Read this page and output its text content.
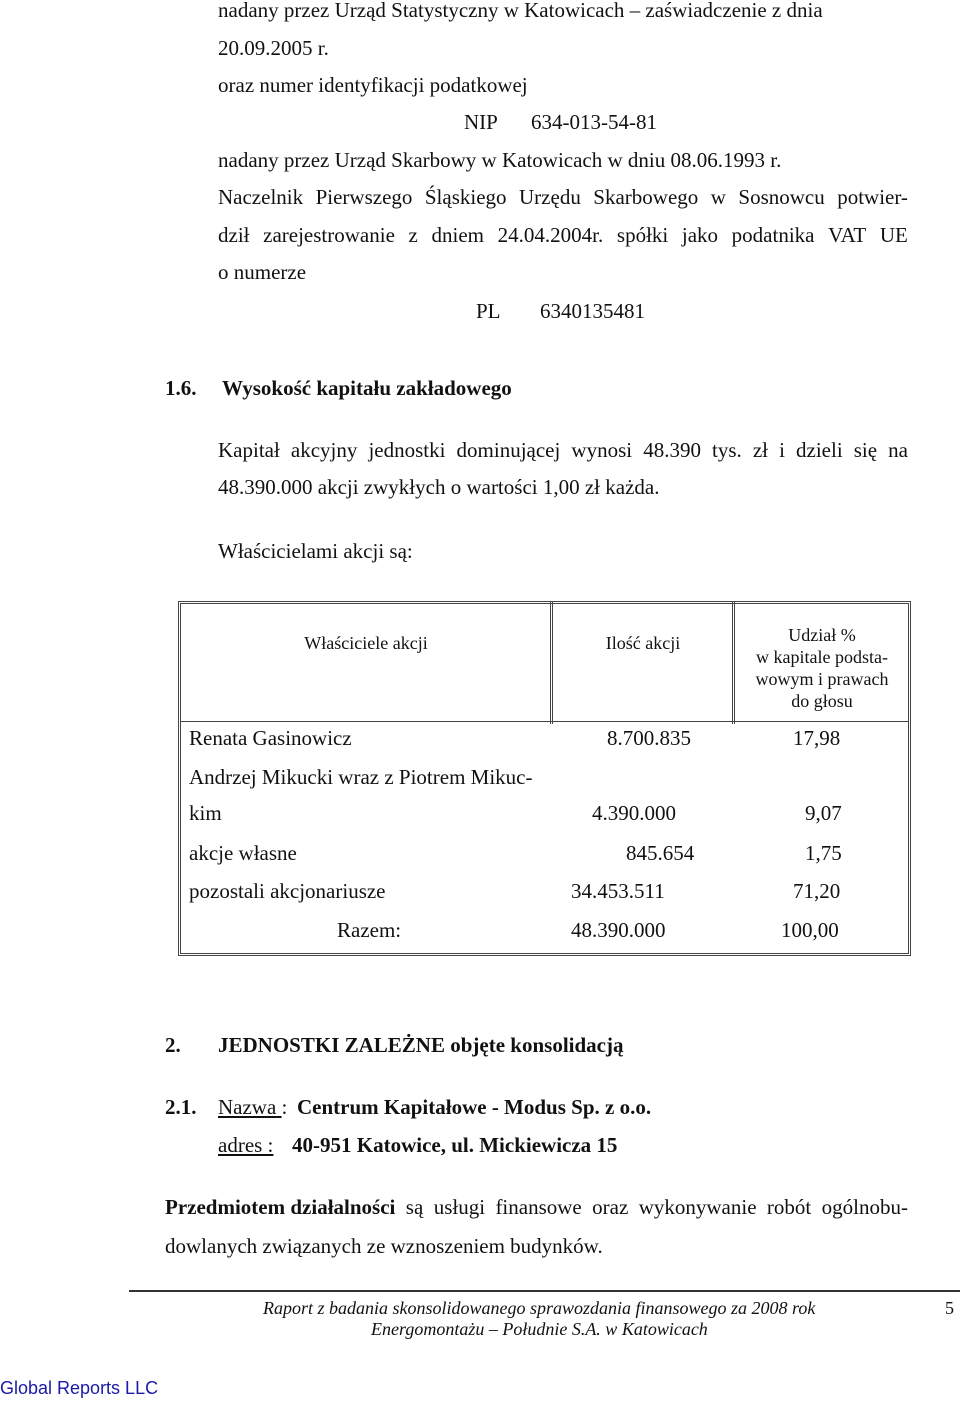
nadany przez Urząd Statystyczny w Katowicach – zaświadczenie z dnia
20.09.2005 r.
oraz numer identyfikacji podatkowej
NIP 634-013-54-81
nadany przez Urząd Skarbowy w Katowicach w dniu 08.06.1993 r.
Naczelnik Pierwszego Śląskiego Urzędu Skarbowego w Sosnowcu potwier-
dził zarejestrowanie z dniem 24.04.2004r. spółki jako podatnika VAT UE
o numerze
PL 6340135481
1.6. Wysokość kapitału zakładowego
Kapitał akcyjny jednostki dominującej wynosi 48.390 tys. zł i dzieli się na
48.390.000 akcji zwykłych o wartości 1,00 zł każda.
Właścicielami akcji są:
Właściciele akcji	Ilość akcji	Udział %
w kapitale podsta-
wowym i prawach
do głosu
Renata Gasinowicz	8.700.835	17,98
Andrzej Mikucki wraz z Piotrem Mikuc-
kim	4.390.000	9,07
akcje własne	845.654	1,75
pozostali akcjonariusze	34.453.511	71,20
Razem:	48.390.000	100,00
2. JEDNOSTKI ZALEŻNE objęte konsolidacją
2.1. Nazwa : Centrum Kapitałowe - Modus Sp. z o.o.
adres : 40-951 Katowice, ul. Mickiewicza 15
Przedmiotem działalności są usługi finansowe oraz wykonywanie robót ogólnobu-
dowlanych związanych ze wznoszeniem budynków.
Raport z badania skonsolidowanego sprawozdania finansowego za 2008 rok
Energomontażu – Południe S.A. w Katowicach
5
Global Reports LLC
